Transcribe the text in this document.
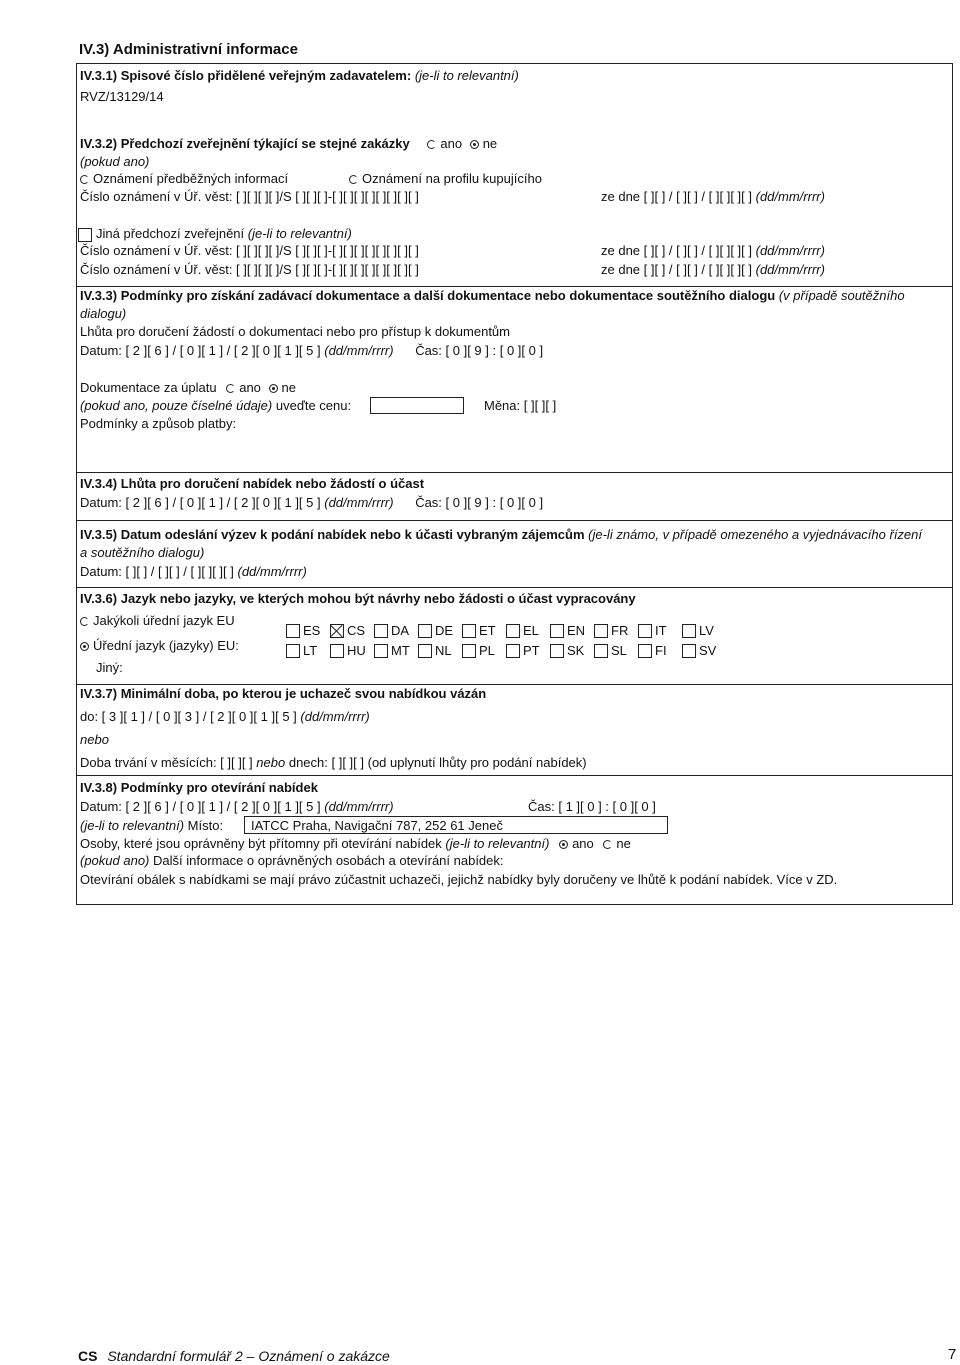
IV.3) Administrativní informace
IV.3.1) Spisové číslo přidělené veřejným zadavatelem: (je-li to relevantní)
RVZ/13129/14
IV.3.2) Předchozí zveřejnění týkající se stejné zakázky ano ne
(pokud ano)
Oznámení předběžných informací	Oznámení na profilu kupujícího
Číslo oznámení v Úř. věst: [ ][ ][ ][ ]/S [ ][ ][ ]-[ ][ ][ ][ ][ ][ ][ ][ ]	ze dne [ ][ ] / [ ][ ] / [ ][ ][ ][ ] (dd/mm/rrrr)
Jiná předchozí zveřejnění (je-li to relevantní)
Číslo oznámení v Úř. věst: [ ][ ][ ][ ]/S [ ][ ][ ]-[ ][ ][ ][ ][ ][ ][ ][ ]	ze dne [ ][ ] / [ ][ ] / [ ][ ][ ][ ] (dd/mm/rrrr)
Číslo oznámení v Úř. věst: [ ][ ][ ][ ]/S [ ][ ][ ]-[ ][ ][ ][ ][ ][ ][ ][ ]	ze dne [ ][ ] / [ ][ ] / [ ][ ][ ][ ] (dd/mm/rrrr)
IV.3.3) Podmínky pro získání zadávací dokumentace a další dokumentace nebo dokumentace soutěžního dialogu (v případě soutěžního
dialogu)
Lhůta pro doručení žádostí o dokumentaci nebo pro přístup k dokumentům
Datum: [ 2 ][ 6 ] / [ 0 ][ 1 ] / [ 2 ][ 0 ][ 1 ][ 5 ] (dd/mm/rrrr) Čas: [ 0 ][ 9 ] : [ 0 ][ 0 ]
Dokumentace za úplatu ano ne
(pokud ano, pouze číselné údaje) uveďte cenu:	Měna: [ ][ ][ ]
Podmínky a způsob platby:
IV.3.4) Lhůta pro doručení nabídek nebo žádostí o účast
Datum: [ 2 ][ 6 ] / [ 0 ][ 1 ] / [ 2 ][ 0 ][ 1 ][ 5 ] (dd/mm/rrrr) Čas: [ 0 ][ 9 ] : [ 0 ][ 0 ]
IV.3.5) Datum odeslání výzev k podání nabídek nebo k účasti vybraným zájemcům (je-li známo, v případě omezeného a vyjednávacího řízení
a soutěžního dialogu)
Datum: [ ][ ] / [ ][ ] / [ ][ ][ ][ ] (dd/mm/rrrr)
IV.3.6) Jazyk nebo jazyky, ve kterých mohou být návrhy nebo žádosti o účast vypracovány
Jakýkoli úřední jazyk EU
Úřední jazyk (jazyky) EU:
Jiný:
ES CS DA DE ET EL EN FR IT LV
LT HU MT NL PL PT SK SL FI SV
IV.3.7) Minimální doba, po kterou je uchazeč svou nabídkou vázán
do: [ 3 ][ 1 ] / [ 0 ][ 3 ] / [ 2 ][ 0 ][ 1 ][ 5 ] (dd/mm/rrrr)
nebo
Doba trvání v měsících: [ ][ ][ ] nebo dnech: [ ][ ][ ] (od uplynutí lhůty pro podání nabídek)
IV.3.8) Podmínky pro otevírání nabídek
Datum: [ 2 ][ 6 ] / [ 0 ][ 1 ] / [ 2 ][ 0 ][ 1 ][ 5 ] (dd/mm/rrrr)	Čas: [ 1 ][ 0 ] : [ 0 ][ 0 ]
(je-li to relevantní) Místo: IATCC Praha, Navigační 787, 252 61 Jeneč
Osoby, které jsou oprávněny být přítomny při otevírání nabídek (je-li to relevantní) ano ne
(pokud ano) Další informace o oprávněných osobách a otevírání nabídek:
Otevírání obálek s nabídkami se mají právo zúčastnit uchazeči, jejichž nabídky byly doručeny ve lhůtě k podání nabídek. Více v ZD.
CS Standardní formulář 2 – Oznámení o zakázce	7
